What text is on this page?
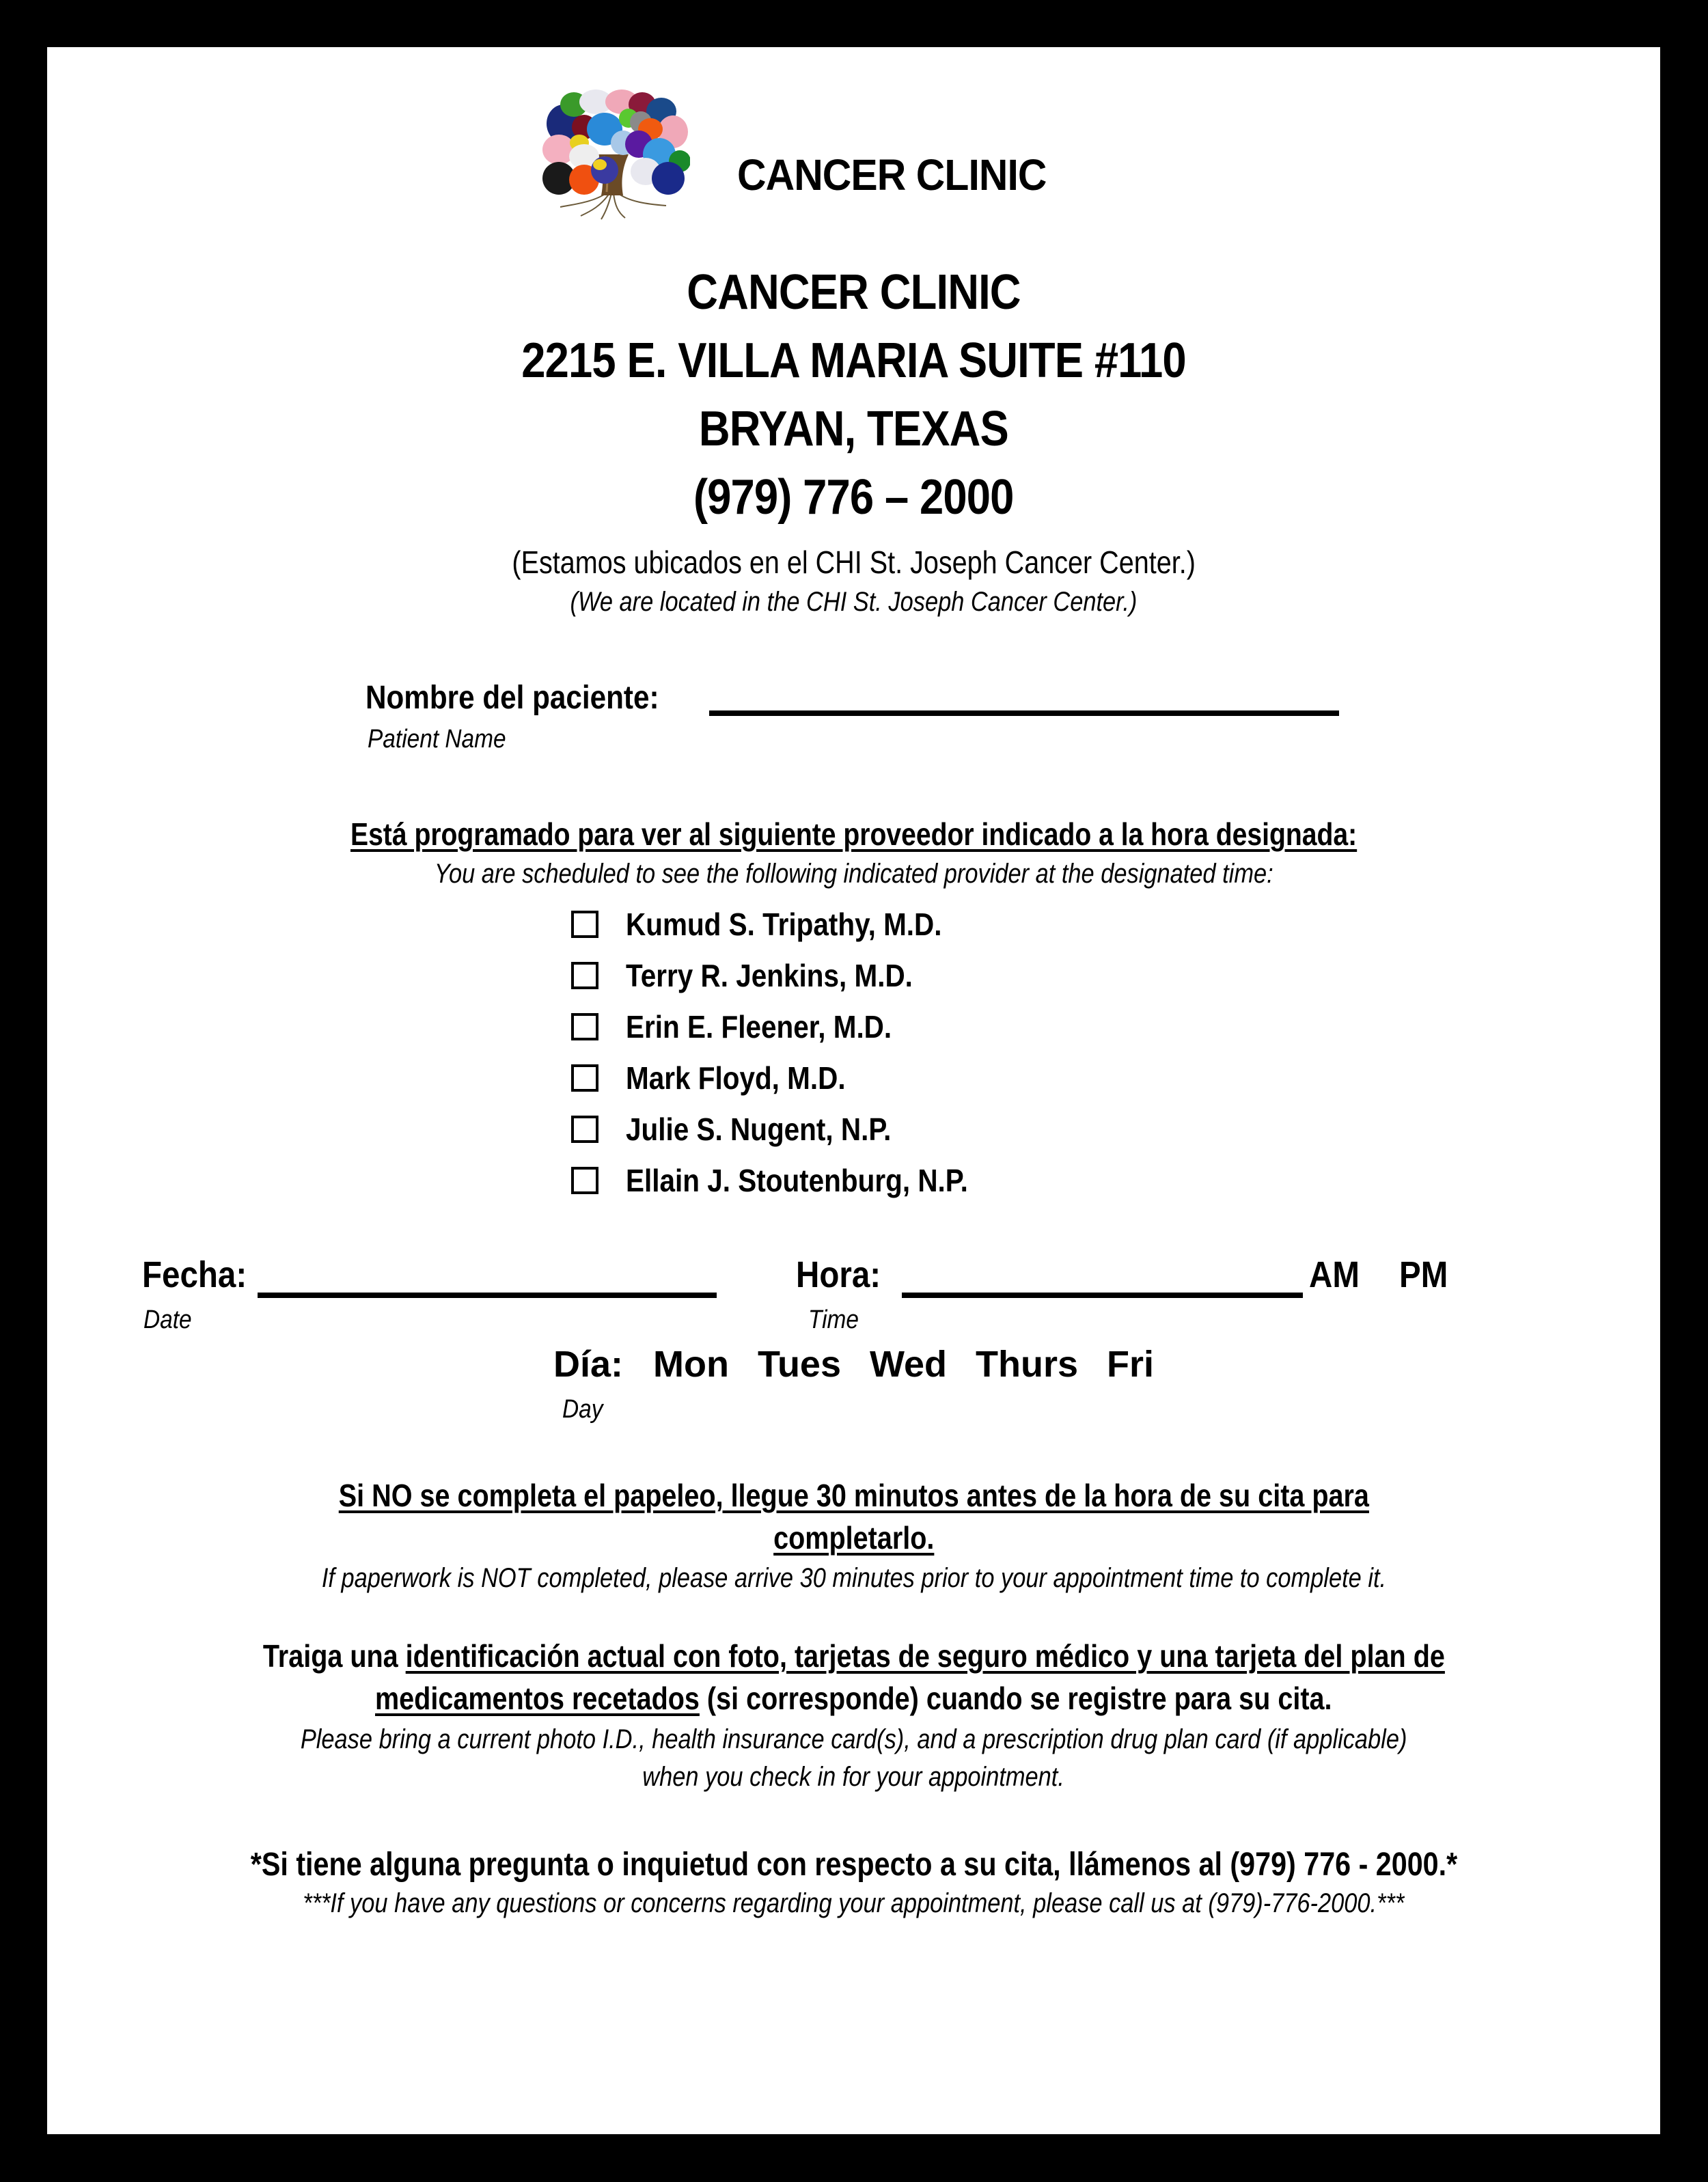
CANCER CLINIC
CANCER CLINIC
2215 E. VILLA MARIA SUITE #110
BRYAN, TEXAS
(979) 776 – 2000
(Estamos ubicados en el CHI St. Joseph Cancer Center.)
(We are located in the CHI St. Joseph Cancer Center.)
Nombre del paciente:
Patient Name
Está programado para ver al siguiente proveedor indicado a la hora designada:
You are scheduled to see the following indicated provider at the designated time:
Kumud S. Tripathy, M.D.
Terry R. Jenkins, M.D.
Erin E. Fleener, M.D.
Mark Floyd, M.D.
Julie S. Nugent, N.P.
Ellain J. Stoutenburg, N.P.
Fecha:
Date
Hora:
Time
AM PM
Día: Mon Tues Wed Thurs Fri
Day
Si NO se completa el papeleo, llegue 30 minutos antes de la hora de su cita para
completarlo.
If paperwork is NOT completed, please arrive 30 minutes prior to your appointment time to complete it.
Traiga una identificación actual con foto, tarjetas de seguro médico y una tarjeta del plan de
medicamentos recetados (si corresponde) cuando se registre para su cita.
Please bring a current photo I.D., health insurance card(s), and a prescription drug plan card (if applicable)
when you check in for your appointment.
*Si tiene alguna pregunta o inquietud con respecto a su cita, llámenos al (979) 776 - 2000.*
***If you have any questions or concerns regarding your appointment, please call us at (979)-776-2000.***
